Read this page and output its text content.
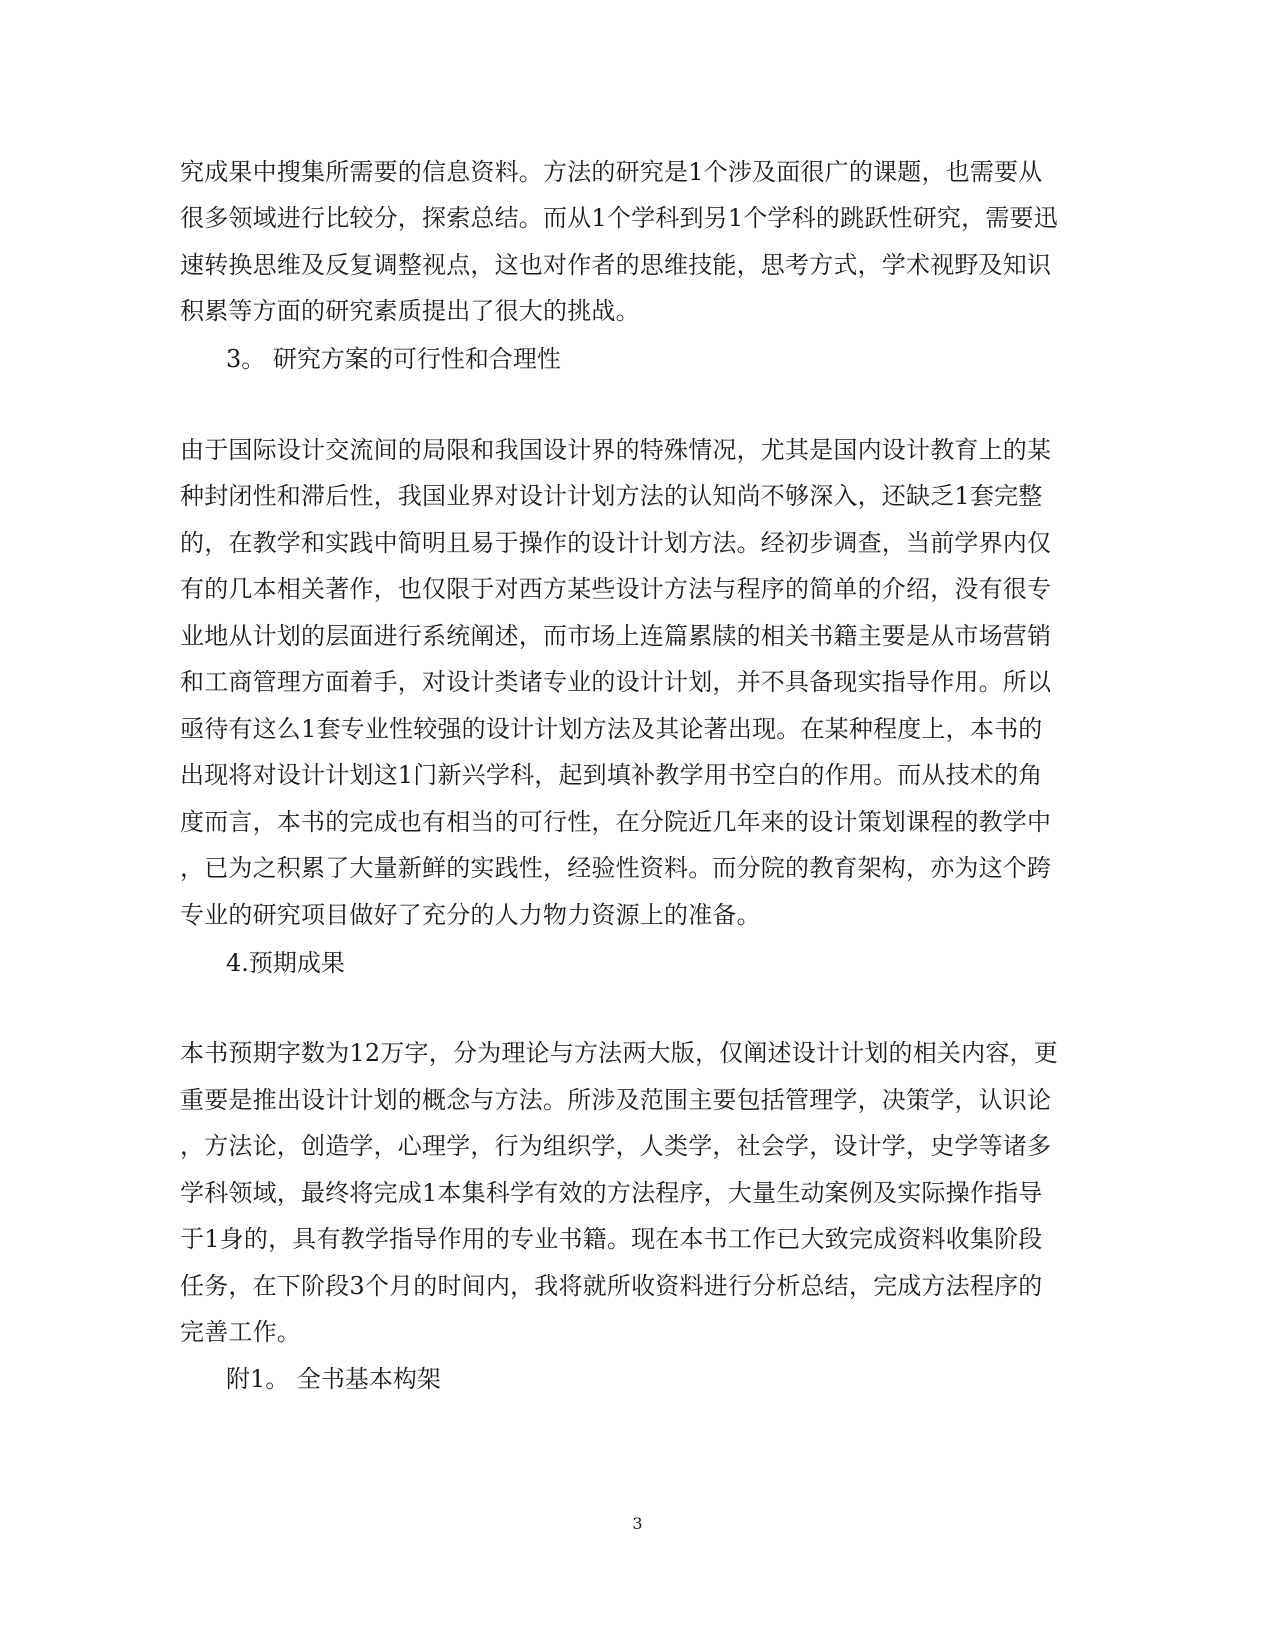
究成果中搜集所需要的信息资料。方法的研究是1个涉及面很广的课题，也需要从
很多领域进行比较分，探索总结。而从1个学科到另1个学科的跳跃性研究，需要迅
速转换思维及反复调整视点，这也对作者的思维技能，思考方式，学术视野及知识
积累等方面的研究素质提出了很大的挑战。
3。 研究方案的可行性和合理性
由于国际设计交流间的局限和我国设计界的特殊情况，尤其是国内设计教育上的某
种封闭性和滞后性，我国业界对设计计划方法的认知尚不够深入，还缺乏1套完整
的，在教学和实践中简明且易于操作的设计计划方法。经初步调查，当前学界内仅
有的几本相关著作，也仅限于对西方某些设计方法与程序的简单的介绍，没有很专
业地从计划的层面进行系统阐述，而市场上连篇累牍的相关书籍主要是从市场营销
和工商管理方面着手，对设计类诸专业的设计计划，并不具备现实指导作用。所以
亟待有这么1套专业性较强的设计计划方法及其论著出现。在某种程度上，本书的
出现将对设计计划这1门新兴学科，起到填补教学用书空白的作用。而从技术的角
度而言，本书的完成也有相当的可行性，在分院近几年来的设计策划课程的教学中
，已为之积累了大量新鲜的实践性，经验性资料。而分院的教育架构，亦为这个跨
专业的研究项目做好了充分的人力物力资源上的准备。
4.预期成果
本书预期字数为12万字，分为理论与方法两大版，仅阐述设计计划的相关内容，更
重要是推出设计计划的概念与方法。所涉及范围主要包括管理学，决策学，认识论
，方法论，创造学，心理学，行为组织学，人类学，社会学，设计学，史学等诸多
学科领域，最终将完成1本集科学有效的方法程序，大量生动案例及实际操作指导
于1身的，具有教学指导作用的专业书籍。现在本书工作已大致完成资料收集阶段
任务，在下阶段3个月的时间内，我将就所收资料进行分析总结，完成方法程序的
完善工作。
附1。 全书基本构架
3
